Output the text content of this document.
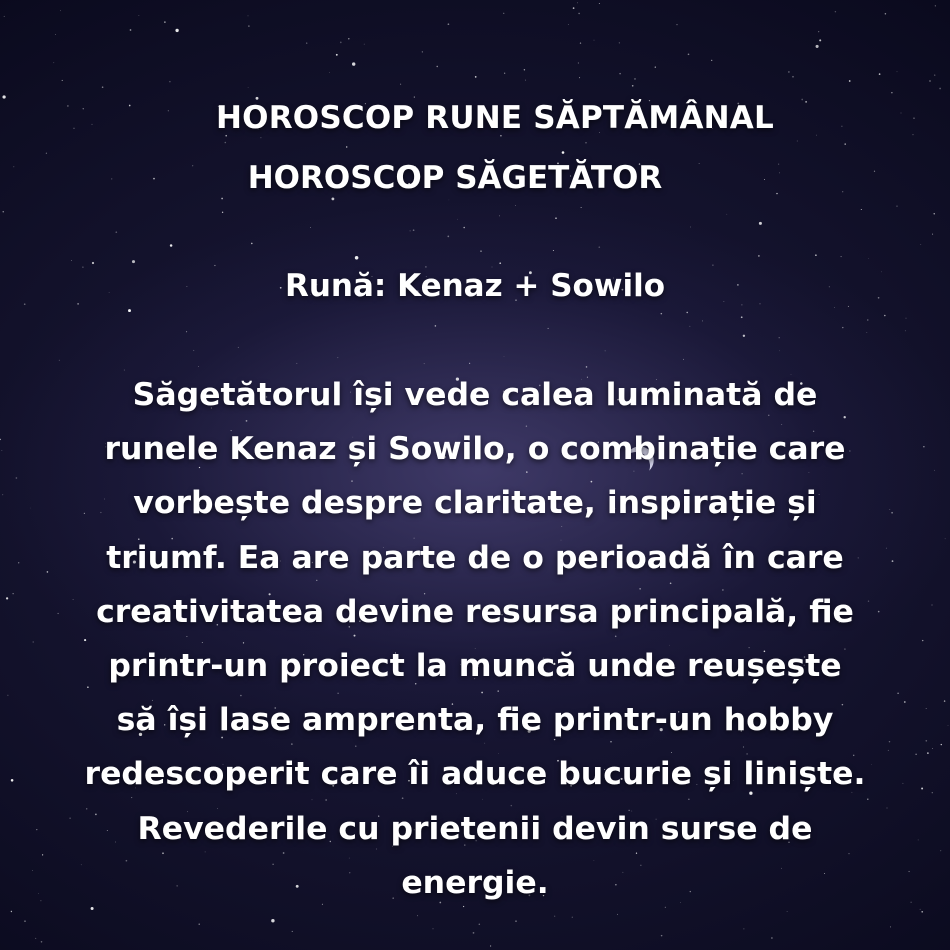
HOROSCOP RUNE SĂPTĂMÂNAL
HOROSCOP SĂGETĂTOR
Rună: Kenaz + Sowilo
Săgetătorul își vede calea luminată de
runele Kenaz și Sowilo, o combinație care
vorbește despre claritate, inspirație și
triumf. Ea are parte de o perioadă în care
creativitatea devine resursa principală, fie
printr-un proiect la muncă unde reușește
să își lase amprenta, fie printr-un hobby
redescoperit care îi aduce bucurie și liniște.
Revederile cu prietenii devin surse de
energie.
